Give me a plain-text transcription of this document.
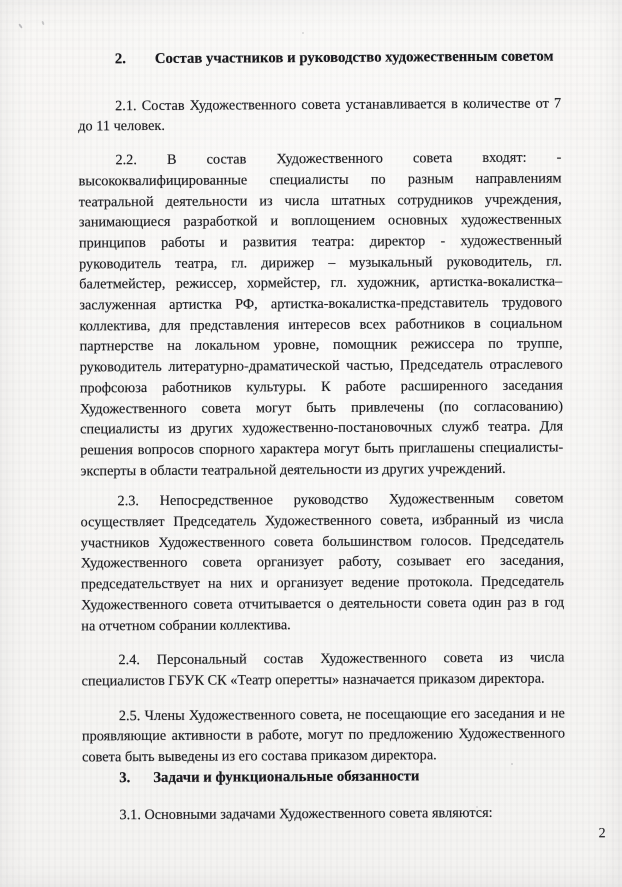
2. Состав участников и руководство художественным советом
2.1. Состав Художественного совета устанавливается в количестве от 7
до 11 человек.
2.2. В состав Художественного совета входят: -
высококвалифицированные специалисты по разным направлениям
театральной деятельности из числа штатных сотрудников учреждения,
занимающиеся разработкой и воплощением основных художественных
принципов работы и развития театра: директор - художественный
руководитель театра, гл. дирижер – музыкальный руководитель, гл.
балетмейстер, режиссер, хормейстер, гл. художник, артистка-вокалистка–
заслуженная артистка РФ, артистка-вокалистка-представитель трудового
коллектива, для представления интересов всех работников в социальном
партнерстве на локальном уровне, помощник режиссера по труппе,
руководитель литературно-драматической частью, Председатель отраслевого
профсоюза работников культуры. К работе расширенного заседания
Художественного совета могут быть привлечены (по согласованию)
специалисты из других художественно-постановочных служб театра. Для
решения вопросов спорного характера могут быть приглашены специалисты-
эксперты в области театральной деятельности из других учреждений.
2.3. Непосредственное руководство Художественным советом
осуществляет Председатель Художественного совета, избранный из числа
участников Художественного совета большинством голосов. Председатель
Художественного совета организует работу, созывает его заседания,
председательствует на них и организует ведение протокола. Председатель
Художественного совета отчитывается о деятельности совета один раз в год
на отчетном собрании коллектива.
2.4. Персональный состав Художественного совета из числа
специалистов ГБУК СК «Театр оперетты» назначается приказом директора.
2.5. Члены Художественного совета, не посещающие его заседания и не
проявляющие активности в работе, могут по предложению Художественного
совета быть выведены из его состава приказом директора.
3. Задачи и функциональные обязанности
3.1. Основными задачами Художественного совета являются:
2
